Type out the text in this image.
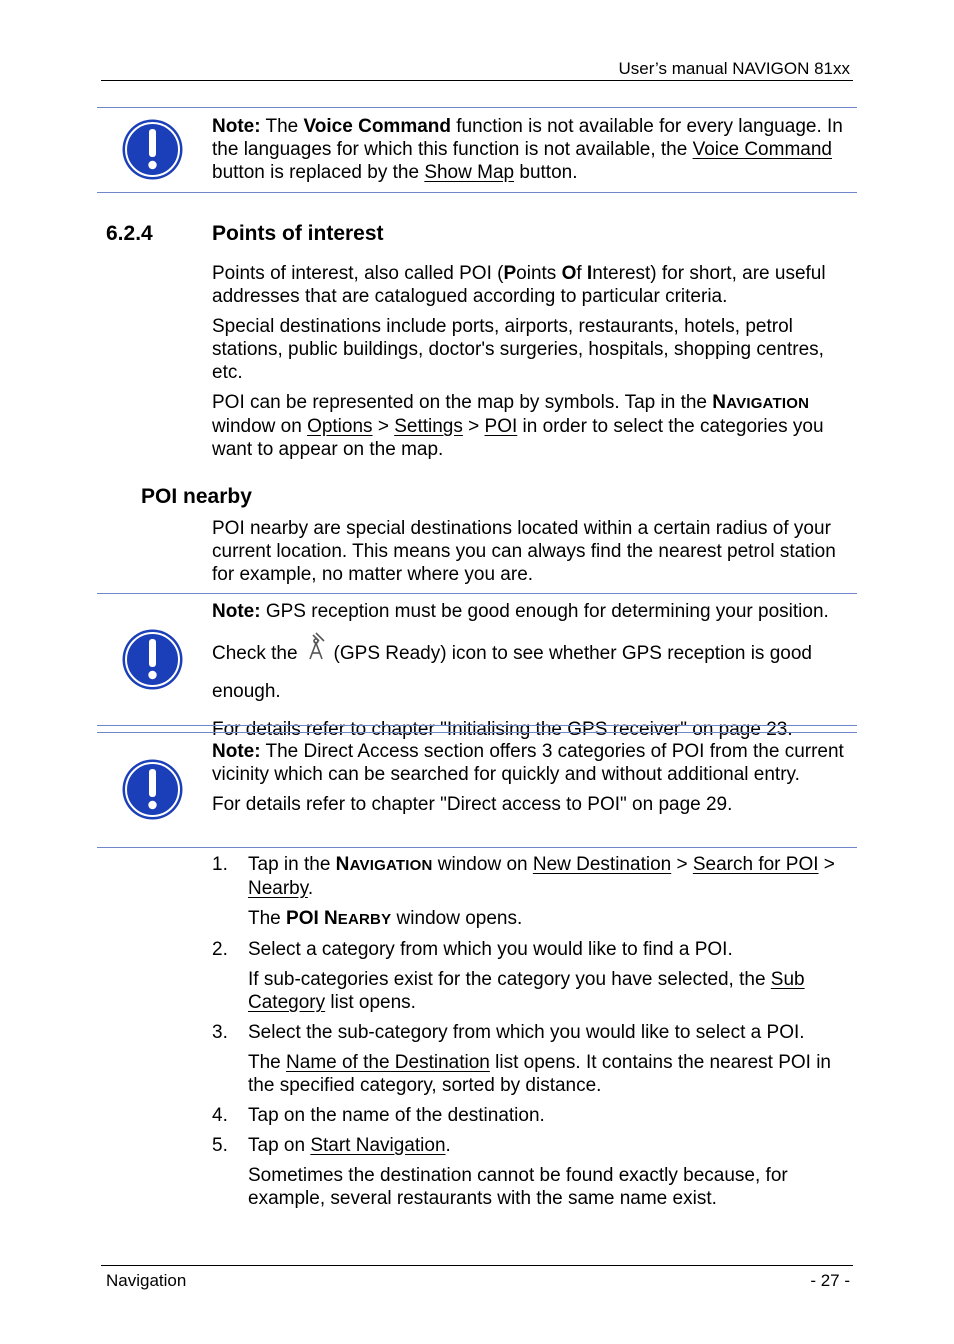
User’s manual NAVIGON 81xx

Note: The Voice Command function is not available for every language. In the languages for which this function is not available, the Voice Command button is replaced by the Show Map button.

6.2.4	Points of interest

Points of interest, also called POI (Points Of Interest) for short, are useful addresses that are catalogued according to particular criteria.

Special destinations include ports, airports, restaurants, hotels, petrol stations, public buildings, doctor's surgeries, hospitals, shopping centres, etc.

POI can be represented on the map by symbols. Tap in the NAVIGATION window on Options > Settings > POI in order to select the categories you want to appear on the map.

POI nearby

POI nearby are special destinations located within a certain radius of your current location. This means you can always find the nearest petrol station for example, no matter where you are.

Note: GPS reception must be good enough for determining your position. Check the (GPS Ready) icon to see whether GPS reception is good enough.

For details refer to chapter "Initialising the GPS receiver" on page 23.

Note: The Direct Access section offers 3 categories of POI from the current vicinity which can be searched for quickly and without additional entry.

For details refer to chapter "Direct access to POI" on page 29.

1. Tap in the NAVIGATION window on New Destination > Search for POI > Nearby.

The POI NEARBY window opens.

2. Select a category from which you would like to find a POI.

If sub-categories exist for the category you have selected, the Sub Category list opens.

3. Select the sub-category from which you would like to select a POI.

The Name of the Destination list opens. It contains the nearest POI in the specified category, sorted by distance.

4. Tap on the name of the destination.

5. Tap on Start Navigation.

Sometimes the destination cannot be found exactly because, for example, several restaurants with the same name exist.

Navigation	- 27 -
